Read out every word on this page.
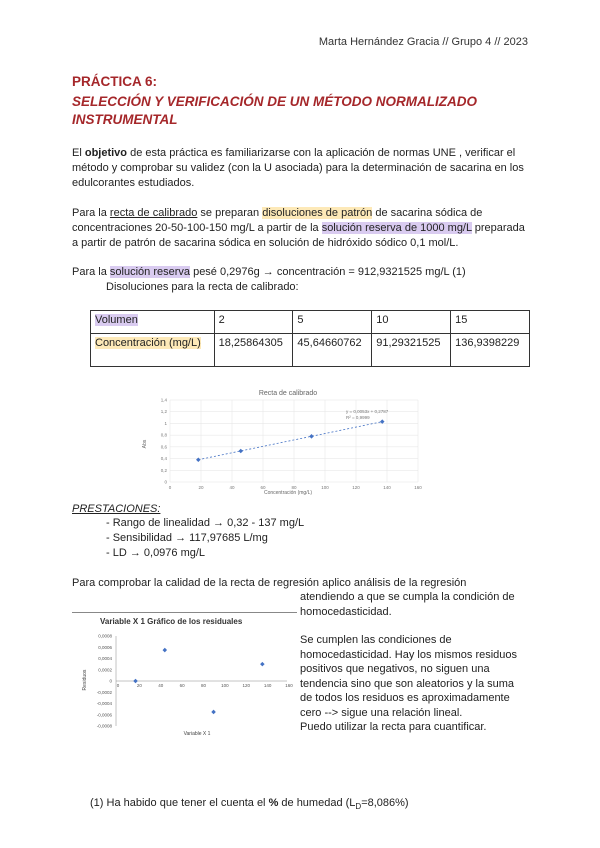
Marta Hernández Gracia // Grupo 4 // 2023
PRÁCTICA 6:
SELECCIÓN Y VERIFICACIÓN DE UN MÉTODO NORMALIZADO INSTRUMENTAL
El objetivo de esta práctica es familiarizarse con la aplicación de normas UNE , verificar el método y comprobar su validez (con la U asociada) para la determinación de sacarina en los edulcorantes estudiados.
Para la recta de calibrado se preparan disoluciones de patrón de sacarina sódica de concentraciones 20-50-100-150 mg/L a partir de la solución reserva de 1000 mg/L preparada a partir de patrón de sacarina sódica en solución de hidróxido sódico 0,1 mol/L.
Para la solución reserva pesé 0,2976g → concentración = 912,9321525 mg/L (1)
Disoluciones para la recta de calibrado:
Volumen	2	5	10	15
Concentración (mg/L)	18,25864305	45,64660762	91,29321525	136,9398229
Recta de calibrado
0
0,2
0,4
0,6
0,8
1
1,2
1,4
0	20	40	60	80	100	120	140	160
y = 0,0053x + 0,2787
R² = 0,9999
Concentración (mg/L)
Abs
PRESTACIONES:
- Rango de linealidad → 0,32 - 137 mg/L
- Sensibilidad → 117,97685 L/mg
- LD → 0,0976 mg/L
Para comprobar la calidad de la recta de regresión aplico análisis de la regresión
atendiendo a que se cumpla la condición de homocedasticidad.
Variable X 1 Gráfico de los residuales
0,0008
0,0006
0,0004
0,0002
0
-0,0002
-0,0004
-0,0006
-0,0008
0	20	40	60	80	100	120	140	160
Variable X 1
Residuos
Se cumplen las condiciones de homocedasticidad. Hay los mismos residuos positivos que negativos, no siguen una tendencia sino que son aleatorios y la suma de todos los residuos es aproximadamente cero --> sigue una relación lineal.
Puedo utilizar la recta para cuantificar.
(1) Ha habido que tener el cuenta el % de humedad $(L_D=8,086\%)$
